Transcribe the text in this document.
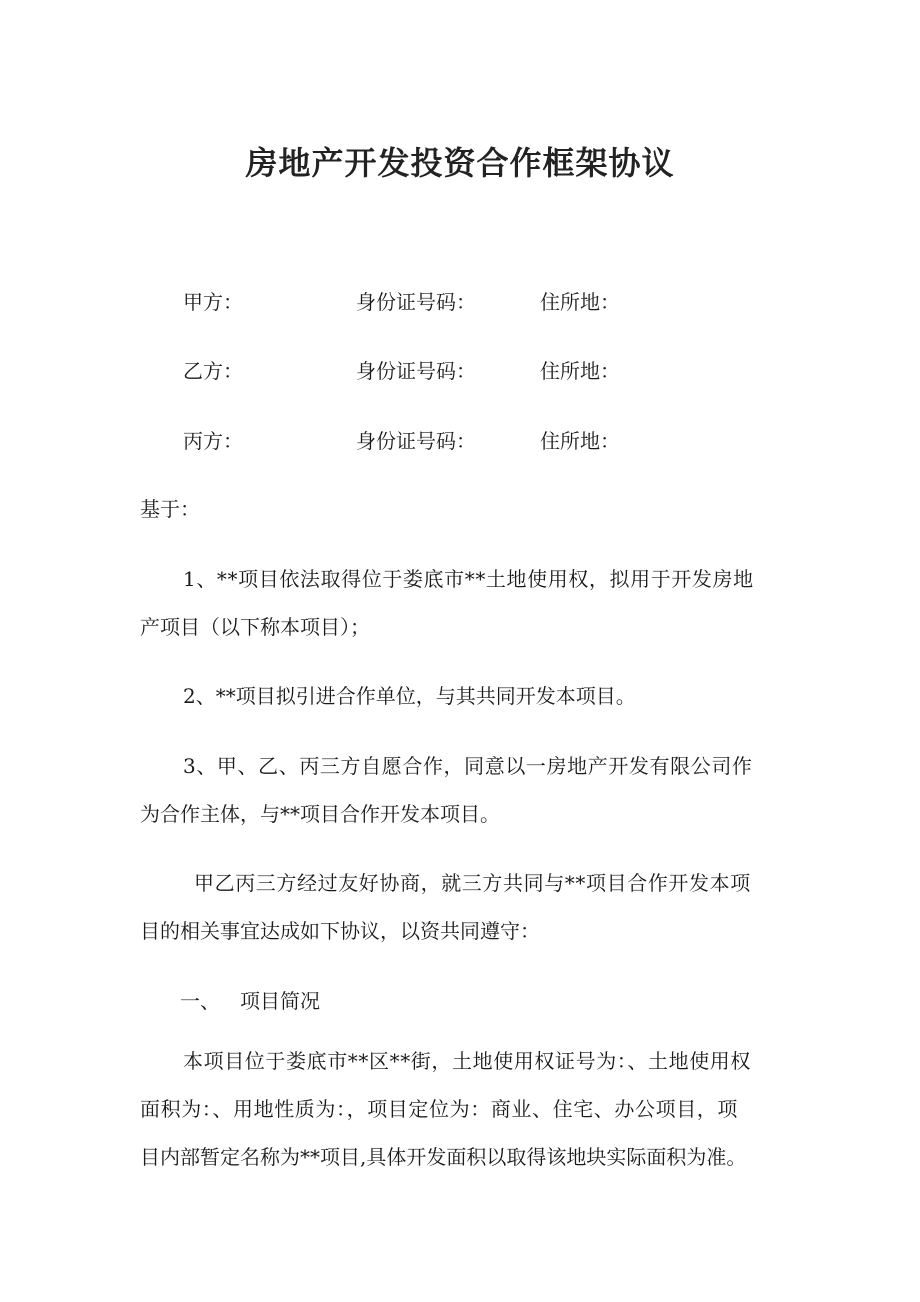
房地产开发投资合作框架协议
甲方：	身份证号码：	住所地：
乙方：	身份证号码：	住所地：
丙方：	身份证号码：	住所地：
基于：
1、**项目依法取得位于娄底市**土地使用权，拟用于开发房地
产项目（以下称本项目）；
2、**项目拟引进合作单位，与其共同开发本项目。
3、甲、乙、丙三方自愿合作，同意以一房地产开发有限公司作
为合作主体，与**项目合作开发本项目。
甲乙丙三方经过友好协商，就三方共同与**项目合作开发本项
目的相关事宜达成如下协议，以资共同遵守：
一、 项目简况
本项目位于娄底市**区**街，土地使用权证号为：、土地使用权
面积为：、用地性质为：，项目定位为：商业、住宅、办公项目，项
目内部暂定名称为**项目,具体开发面积以取得该地块实际面积为准。
